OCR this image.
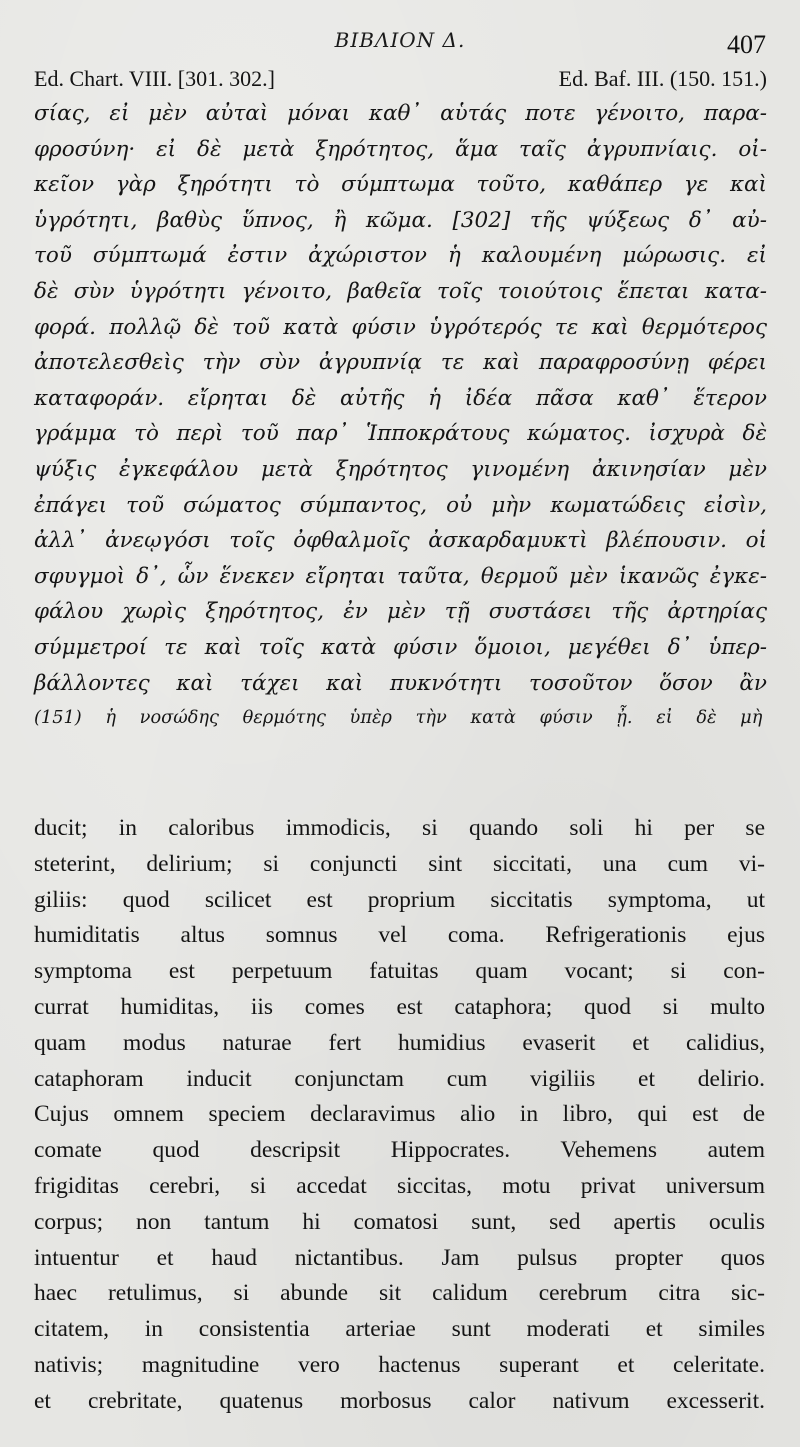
ΒΙΒΛΙΟΝ Δ.	407
Ed. Chart. VIII. [301. 302.]	Ed. Baf. III. (150. 151.)
σίας, εἰ μὲν αὐταὶ μόναι καθ᾽ αὑτάς ποτε γένοιτο, παρα-
φροσύνη· εἰ δὲ μετὰ ξηρότητος, ἅμα ταῖς ἀγρυπνίαις. οἰ-
κεῖον γὰρ ξηρότητι τὸ σύμπτωμα τοῦτο, καθάπερ γε καὶ
ὑγρότητι, βαθὺς ὕπνος, ἢ κῶμα. [302] τῆς ψύξεως δ᾽ αὐ-
τοῦ σύμπτωμά ἐστιν ἀχώριστον ἡ καλουμένη μώρωσις. εἰ
δὲ σὺν ὑγρότητι γένοιτο, βαθεῖα τοῖς τοιούτοις ἕπεται κατα-
φορά. πολλῷ δὲ τοῦ κατὰ φύσιν ὑγρότερός τε καὶ θερμότερος
ἀποτελεσθεὶς τὴν σὺν ἀγρυπνίᾳ τε καὶ παραφροσύνῃ φέρει
καταφοράν. εἴρηται δὲ αὐτῆς ἡ ἰδέα πᾶσα καθ᾽ ἕτερον
γράμμα τὸ περὶ τοῦ παρ᾽ Ἱπποκράτους κώματος. ἰσχυρὰ δὲ
ψύξις ἐγκεφάλου μετὰ ξηρότητος γινομένη ἀκινησίαν μὲν
ἐπάγει τοῦ σώματος σύμπαντος, οὐ μὴν κωματώδεις εἰσὶν,
ἀλλ᾽ ἀνεῳγόσι τοῖς ὀφθαλμοῖς ἀσκαρδαμυκτὶ βλέπουσιν. οἱ
σφυγμοὶ δ᾽, ὧν ἕνεκεν εἴρηται ταῦτα, θερμοῦ μὲν ἱκανῶς ἐγκε-
φάλου χωρὶς ξηρότητος, ἐν μὲν τῇ συστάσει τῆς ἀρτηρίας
σύμμετροί τε καὶ τοῖς κατὰ φύσιν ὅμοιοι, μεγέθει δ᾽ ὑπερ-
βάλλοντες καὶ τάχει καὶ πυκνότητι τοσοῦτον ὅσον ἂν
(151) ἡ νοσώδης θερμότης ὑπὲρ τὴν κατὰ φύσιν ᾖ. εἰ δὲ μὴ
ducit; in caloribus immodicis, si quando soli hi per se
steterint, delirium; si conjuncti sint siccitati, una cum vi-
giliis: quod scilicet est proprium siccitatis symptoma, ut
humiditatis altus somnus vel coma. Refrigerationis ejus
symptoma est perpetuum fatuitas quam vocant; si con-
currat humiditas, iis comes est cataphora; quod si multo
quam modus naturae fert humidius evaserit et calidius,
cataphoram inducit conjunctam cum vigiliis et delirio.
Cujus omnem speciem declaravimus alio in libro, qui est de
comate quod descripsit Hippocrates. Vehemens autem
frigiditas cerebri, si accedat siccitas, motu privat universum
corpus; non tantum hi comatosi sunt, sed apertis oculis
intuentur et haud nictantibus. Jam pulsus propter quos
haec retulimus, si abunde sit calidum cerebrum citra sic-
citatem, in consistentia arteriae sunt moderati et similes
nativis; magnitudine vero hactenus superant et celeritate.
et crebritate, quatenus morbosus calor nativum excesserit.
